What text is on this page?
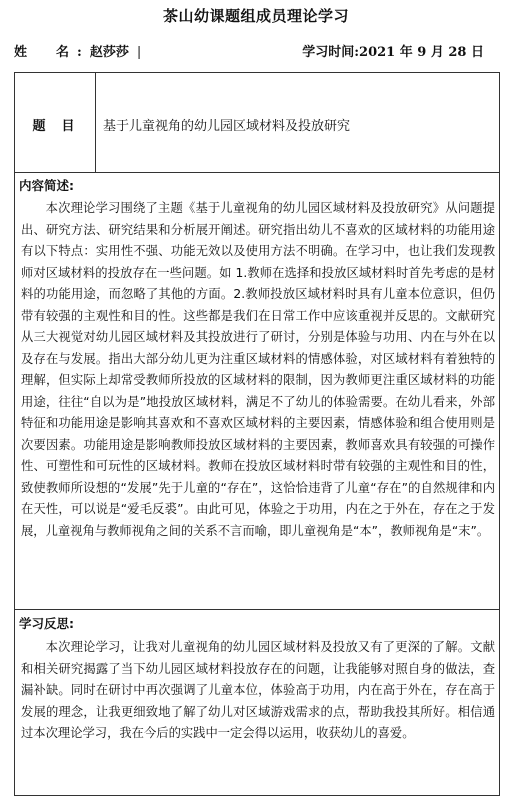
茶山幼课题组成员理论学习
姓　名:赵莎莎 |	学习时间:2021 年 9 月 28 日
题目 基于儿童视角的幼儿园区域材料及投放研究
内容简述:

本次理论学习围绕了主题《基于儿童视角的幼儿园区域材料及投放研究》从问题提出、研究方法、研究结果和分析展开阐述。研究指出幼儿不喜欢的区域材料的功能用途有以下特点：实用性不强、功能无效以及使用方法不明确。在学习中，也让我们发现教师对区域材料的投放存在一些问题。如 1.教师在选择和投放区域材料时首先考虑的是材料的功能用途，而忽略了其他的方面。2.教师投放区域材料时具有儿童本位意识，但仍带有较强的主观性和目的性。这些都是我们在日常工作中应该重视并反思的。文献研究从三大视觉对幼儿园区域材料及其投放进行了研讨，分别是体验与功用、内在与外在以及存在与发展。指出大部分幼儿更为注重区域材料的情感体验，对区域材料有着独特的理解，但实际上却常受教师所投放的区域材料的限制，因为教师更注重区域材料的功能用途，往往“自以为是”地投放区域材料，满足不了幼儿的体验需要。在幼儿看来，外部特征和功能用途是影响其喜欢和不喜欢区域材料的主要因素，情感体验和组合使用则是次要因素。功能用途是影响教师投放区域材料的主要因素，教师喜欢具有较强的可操作性、可塑性和可玩性的区域材料。教师在投放区域材料时带有较强的主观性和目的性，致使教师所设想的“发展”先于儿童的“存在”，这恰恰违背了儿童“存在”的自然规律和内在天性，可以说是“爱毛反裘”。由此可见，体验之于功用，内在之于外在，存在之于发展，儿童视角与教师视角之间的关系不言而喻，即儿童视角是“本”，教师视角是“末”。

学习反思:

本次理论学习，让我对儿童视角的幼儿园区域材料及投放又有了更深的了解。文献和相关研究揭露了当下幼儿园区域材料投放存在的问题，让我能够对照自身的做法，查漏补缺。同时在研讨中再次强调了儿童本位，体验高于功用，内在高于外在，存在高于发展的理念，让我更细致地了解了幼儿对区域游戏需求的点，帮助我投其所好。相信通过本次理论学习，我在今后的实践中一定会得以运用，收获幼儿的喜爱。
